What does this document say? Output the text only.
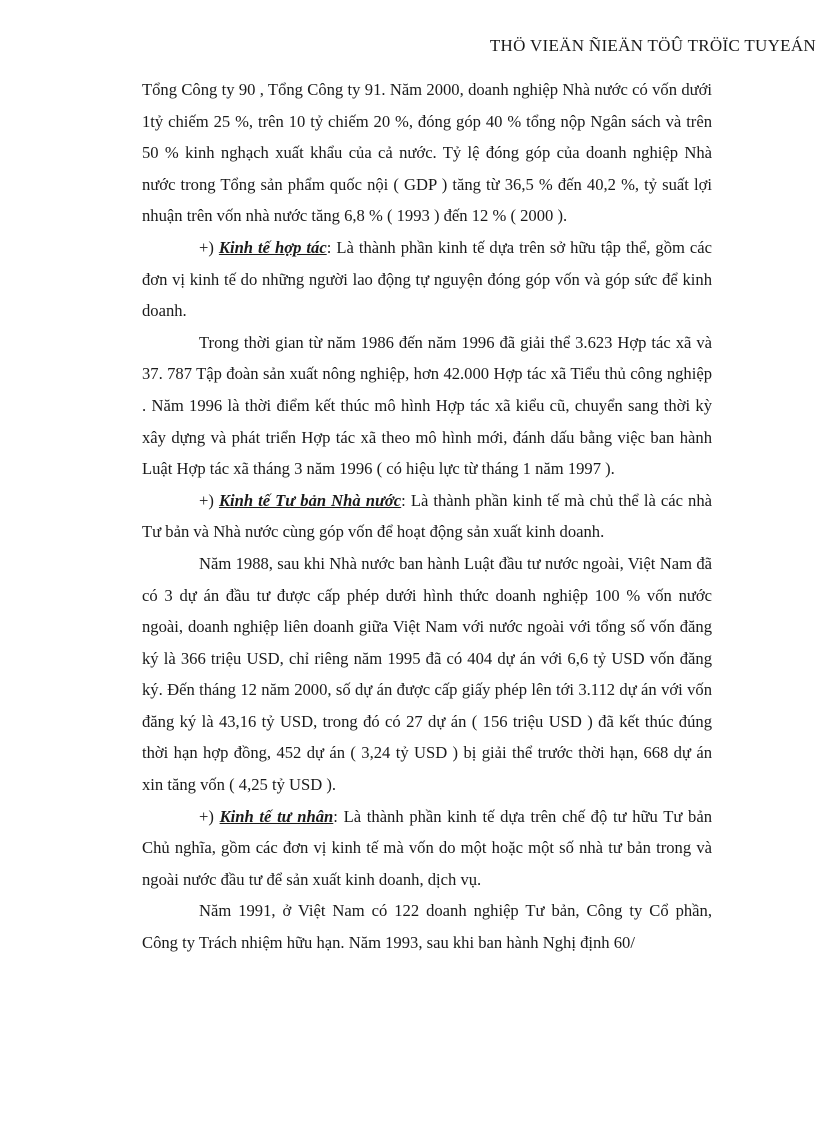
THÖ VIEÄN ÑIEÄN TÖÛ TRÖÏC TUYEÁN

Tổng Công ty 90 , Tổng Công ty 91. Năm 2000, doanh nghiệp Nhà nước có vốn dưới 1tỷ chiếm 25 %, trên 10 tỷ chiếm 20 %, đóng góp 40 % tổng nộp Ngân sách và trên 50 % kinh nghạch xuất khẩu của cả nước. Tỷ lệ đóng góp của doanh nghiệp Nhà nước trong Tổng sản phẩm quốc nội ( GDP ) tăng từ 36,5 % đến 40,2 %, tỷ suất lợi nhuận trên vốn nhà nước tăng 6,8 % ( 1993 ) đến 12 % ( 2000 ).

+) Kinh tế hợp tác: Là thành phần kinh tế dựa trên sở hữu tập thể, gồm các đơn vị kinh tế do những người lao động tự nguyện đóng góp vốn và góp sức để kinh doanh.

Trong thời gian từ năm 1986 đến năm 1996 đã giải thể 3.623 Hợp tác xã và 37. 787 Tập đoàn sản xuất nông nghiệp, hơn 42.000 Hợp tác xã Tiểu thủ công nghiệp . Năm 1996 là thời điểm kết thúc mô hình Hợp tác xã kiểu cũ, chuyển sang thời kỳ xây dựng và phát triển Hợp tác xã theo mô hình mới, đánh dấu bằng việc ban hành Luật Hợp tác xã tháng 3 năm 1996 ( có hiệu lực từ tháng 1 năm 1997 ).

+) Kinh tế Tư bản Nhà nước: Là thành phần kinh tế mà chủ thể là các nhà Tư bản và Nhà nước cùng góp vốn để hoạt động sản xuất kinh doanh.

Năm 1988, sau khi Nhà nước ban hành Luật đầu tư nước ngoài, Việt Nam đã có 3 dự án đầu tư được cấp phép dưới hình thức doanh nghiệp 100 % vốn nước ngoài, doanh nghiệp liên doanh giữa Việt Nam với nước ngoài với tổng số vốn đăng ký là 366 triệu USD, chỉ riêng năm 1995 đã có 404 dự án với 6,6 tỷ USD vốn đăng ký. Đến tháng 12 năm 2000, số dự án được cấp giấy phép lên tới 3.112 dự án với vốn đăng ký là 43,16 tỷ USD, trong đó có 27 dự án ( 156 triệu USD ) đã kết thúc đúng thời hạn hợp đồng, 452 dự án ( 3,24 tỷ USD ) bị giải thể trước thời hạn, 668 dự án xin tăng vốn ( 4,25 tỷ USD ).

+) Kinh tế tư nhân: Là thành phần kinh tế dựa trên chế độ tư hữu Tư bản Chủ nghĩa, gồm các đơn vị kinh tế mà vốn do một hoặc một số nhà tư bản trong và ngoài nước đầu tư để sản xuất kinh doanh, dịch vụ.

Năm 1991, ở Việt Nam có 122 doanh nghiệp Tư bản, Công ty Cổ phần, Công ty Trách nhiệm hữu hạn. Năm 1993, sau khi ban hành Nghị định 60/
